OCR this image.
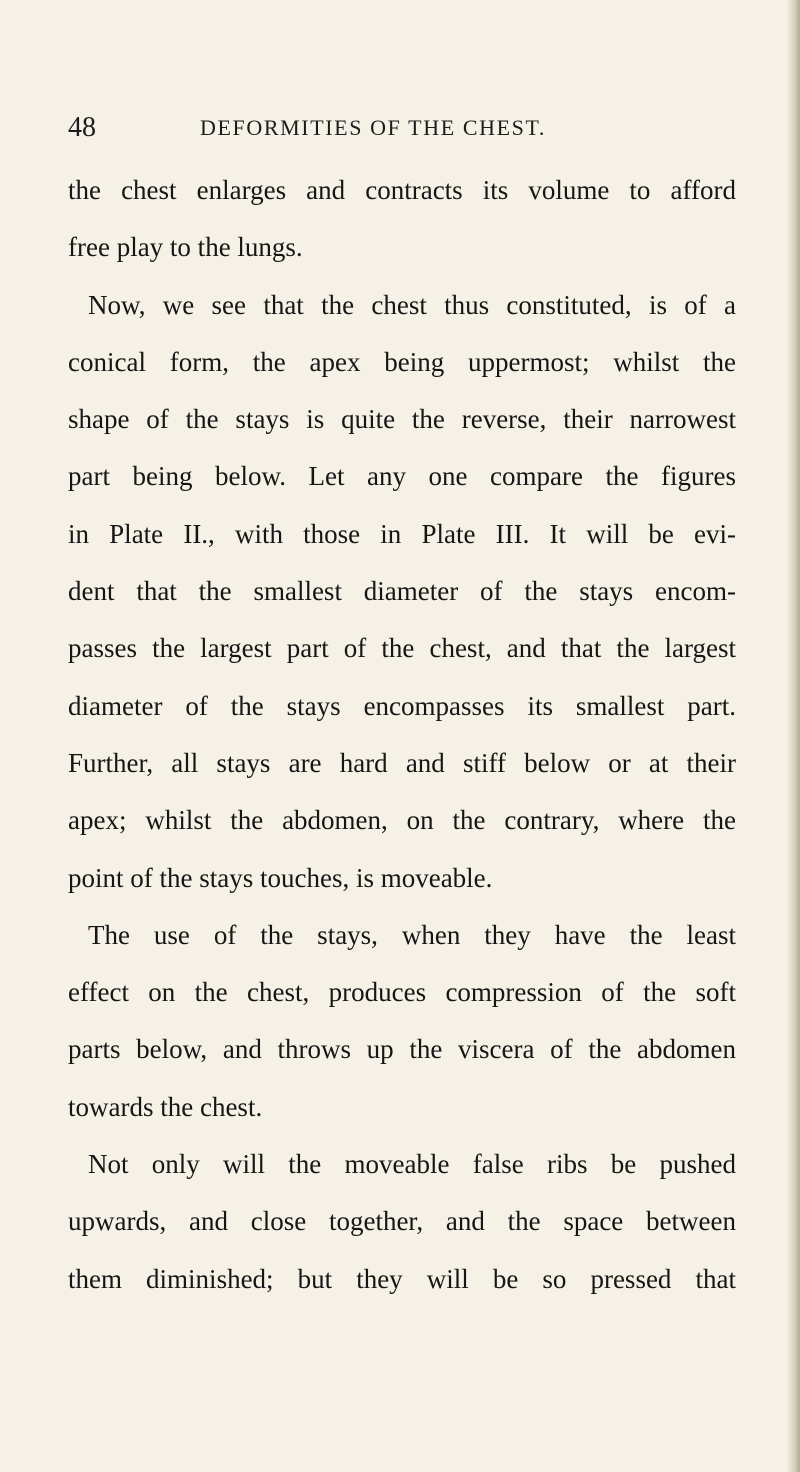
48	DEFORMITIES OF THE CHEST.
the chest enlarges and contracts its volume to afford
free play to the lungs.
Now, we see that the chest thus constituted, is of a
conical form, the apex being uppermost; whilst the
shape of the stays is quite the reverse, their narrowest
part being below. Let any one compare the figures
in Plate II., with those in Plate III. It will be evi-
dent that the smallest diameter of the stays encom-
passes the largest part of the chest, and that the largest
diameter of the stays encompasses its smallest part.
Further, all stays are hard and stiff below or at their
apex; whilst the abdomen, on the contrary, where the
point of the stays touches, is moveable.
The use of the stays, when they have the least
effect on the chest, produces compression of the soft
parts below, and throws up the viscera of the abdomen
towards the chest.
Not only will the moveable false ribs be pushed
upwards, and close together, and the space between
them diminished; but they will be so pressed that
